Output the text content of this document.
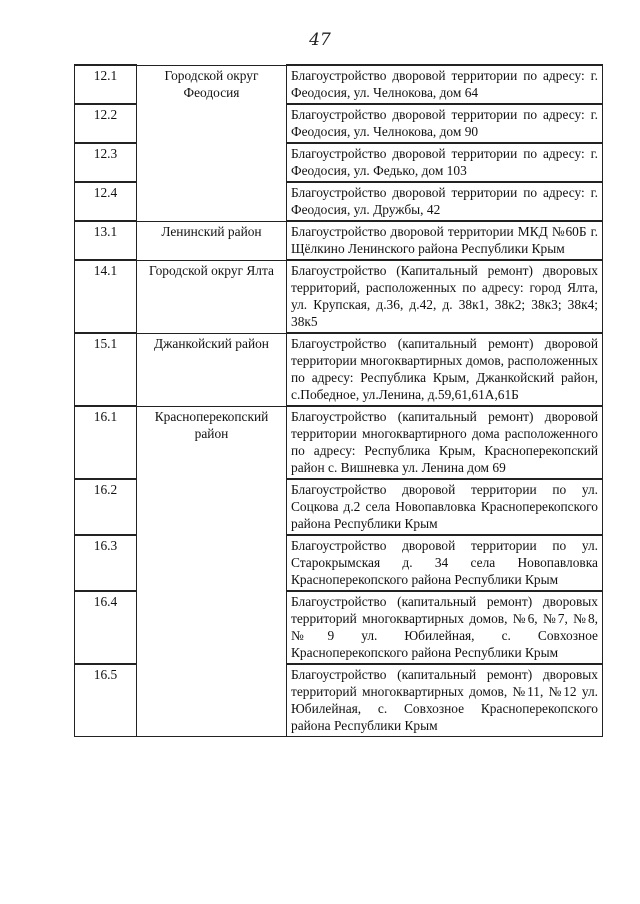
47
12.1	Городской округ Феодосия	Благоустройство дворовой территории по адресу: г. Феодосия, ул. Челнокова, дом 64
12.2		Благоустройство дворовой территории по адресу: г. Феодосия, ул. Челнокова, дом 90
12.3		Благоустройство дворовой территории по адресу: г. Феодосия, ул. Федько, дом 103
12.4		Благоустройство дворовой территории по адресу: г. Феодосия, ул. Дружбы, 42
13.1	Ленинский район	Благоустройство дворовой территории МКД №60Б г. Щёлкино Ленинского района Республики Крым
14.1	Городской округ Ялта	Благоустройство (Капитальный ремонт) дворовых территорий, расположенных по адресу: город Ялта, ул. Крупская, д.36, д.42, д. 38к1, 38к2; 38к3; 38к4; 38к5
15.1	Джанкойский район	Благоустройство (капитальный ремонт) дворовой территории многоквартирных домов, расположенных по адресу: Республика Крым, Джанкойский район, с.Победное, ул.Ленина, д.59,61,61А,61Б
16.1	Красноперекопский район	Благоустройство (капитальный ремонт) дворовой территории многоквартирного дома расположенного по адресу: Республика Крым, Красноперекопский район с. Вишневка ул. Ленина дом 69
16.2		Благоустройство дворовой территории по ул. Соцкова д.2 села Новопавловка Красноперекопского района Республики Крым
16.3		Благоустройство дворовой территории по ул. Старокрымская д. 34 села Новопавловка Красноперекопского района Республики Крым
16.4		Благоустройство (капитальный ремонт) дворовых территорий многоквартирных домов, №6, №7, №8, №9 ул. Юбилейная, с. Совхозное Красноперекопского района Республики Крым
16.5		Благоустройство (капитальный ремонт) дворовых территорий многоквартирных домов, №11, №12 ул. Юбилейная, с. Совхозное Красноперекопского района Республики Крым
